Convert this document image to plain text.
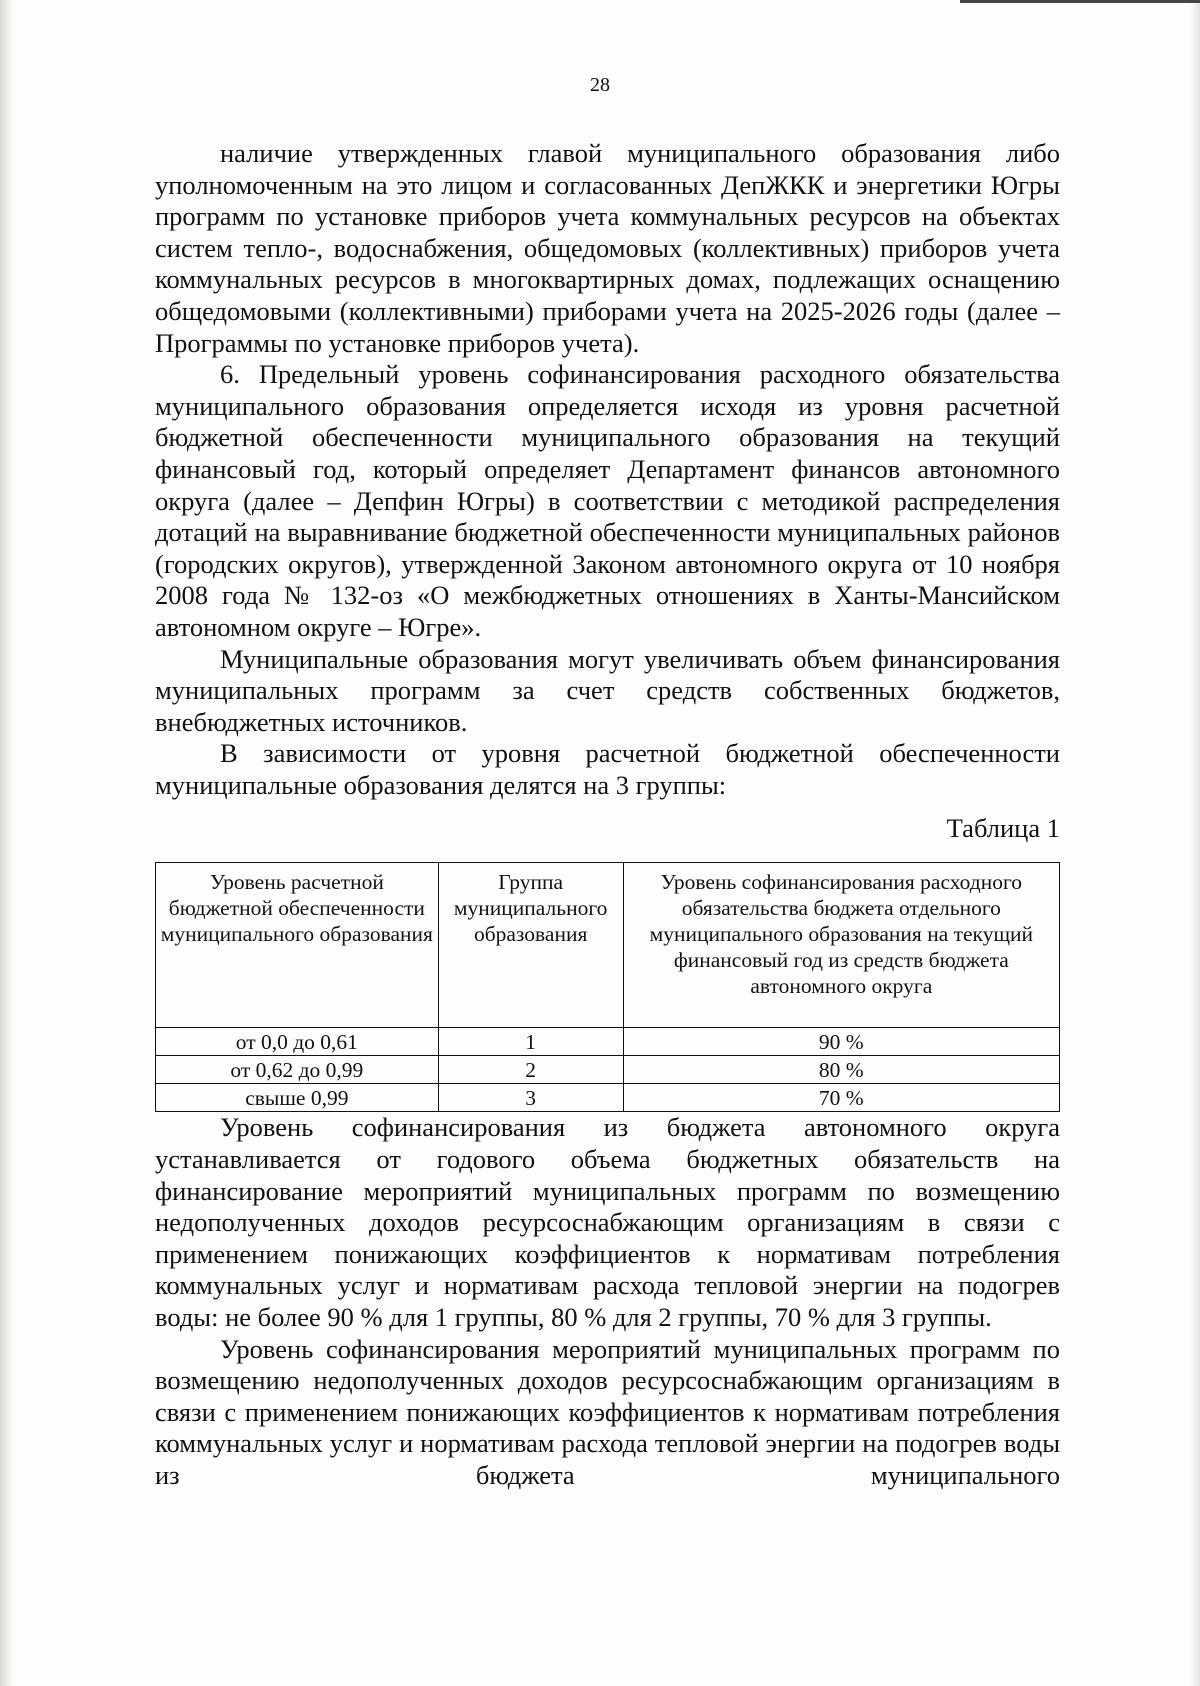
28

наличие утвержденных главой муниципального образования либо уполномоченным на это лицом и согласованных ДепЖКК и энергетики Югры программ по установке приборов учета коммунальных ресурсов на объектах систем тепло-, водоснабжения, общедомовых (коллективных) приборов учета коммунальных ресурсов в многоквартирных домах, подлежащих оснащению общедомовыми (коллективными) приборами учета на 2025-2026 годы (далее – Программы по установке приборов учета).

6. Предельный уровень софинансирования расходного обязательства муниципального образования определяется исходя из уровня расчетной бюджетной обеспеченности муниципального образования на текущий финансовый год, который определяет Департамент финансов автономного округа (далее – Депфин Югры) в соответствии с методикой распределения дотаций на выравнивание бюджетной обеспеченности муниципальных районов (городских округов), утвержденной Законом автономного округа от 10 ноября 2008 года № 132-оз «О межбюджетных отношениях в Ханты-Мансийском автономном округе – Югре».

Муниципальные образования могут увеличивать объем финансирования муниципальных программ за счет средств собственных бюджетов, внебюджетных источников.

В зависимости от уровня расчетной бюджетной обеспеченности муниципальные образования делятся на 3 группы:

Таблица 1
Уровень расчетной бюджетной обеспеченности муниципального образования	Группа муниципального образования	Уровень софинансирования расходного обязательства бюджета отдельного муниципального образования на текущий финансовый год из средств бюджета автономного округа
от 0,0 до 0,61	1	90 %
от 0,62 до 0,99	2	80 %
свыше 0,99	3	70 %

Уровень софинансирования из бюджета автономного округа устанавливается от годового объема бюджетных обязательств на финансирование мероприятий муниципальных программ по возмещению недополученных доходов ресурсоснабжающим организациям в связи с применением понижающих коэффициентов к нормативам потребления коммунальных услуг и нормативам расхода тепловой энергии на подогрев воды: не более 90 % для 1 группы, 80 % для 2 группы, 70 % для 3 группы.

Уровень софинансирования мероприятий муниципальных программ по возмещению недополученных доходов ресурсоснабжающим организациям в связи с применением понижающих коэффициентов к нормативам потребления коммунальных услуг и нормативам расхода тепловой энергии на подогрев воды из бюджета муниципального
